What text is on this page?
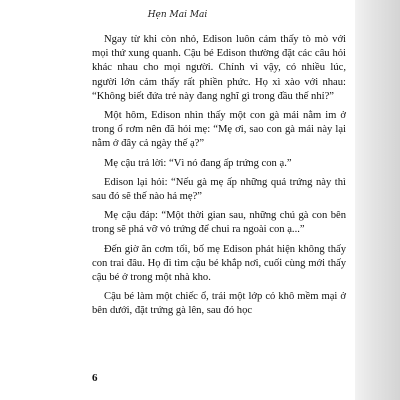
Hẹn Mai Mai

Ngay từ khi còn nhỏ, Edison luôn cảm thấy tò mò với mọi thứ xung quanh. Cậu bé Edison thường đặt các câu hỏi khác nhau cho mọi người. Chính vì vậy, có nhiều lúc, người lớn cảm thấy rất phiền phức. Họ xì xào với nhau: “Không biết đứa trẻ này đang nghĩ gì trong đầu thế nhỉ?”

Một hôm, Edison nhìn thấy một con gà mái nằm im ở trong ổ rơm nên đã hỏi mẹ: “Mẹ ơi, sao con gà mái này lại nằm ở đây cả ngày thế ạ?”

Mẹ cậu trả lời: “Vì nó đang ấp trứng con ạ.”

Edison lại hỏi: “Nếu gà mẹ ấp những quả trứng này thì sau đó sẽ thế nào hả mẹ?”

Mẹ cậu đáp: “Một thời gian sau, những chú gà con bên trong sẽ phá vỡ vỏ trứng để chui ra ngoài con ạ...”

Đến giờ ăn cơm tối, bố mẹ Edison phát hiện không thấy con trai đâu. Họ đi tìm cậu bé khắp nơi, cuối cùng mới thấy cậu bé ở trong một nhà kho.

Cậu bé làm một chiếc ổ, trải một lớp cỏ khô mềm mại ở bên dưới, đặt trứng gà lên, sau đó học

6
